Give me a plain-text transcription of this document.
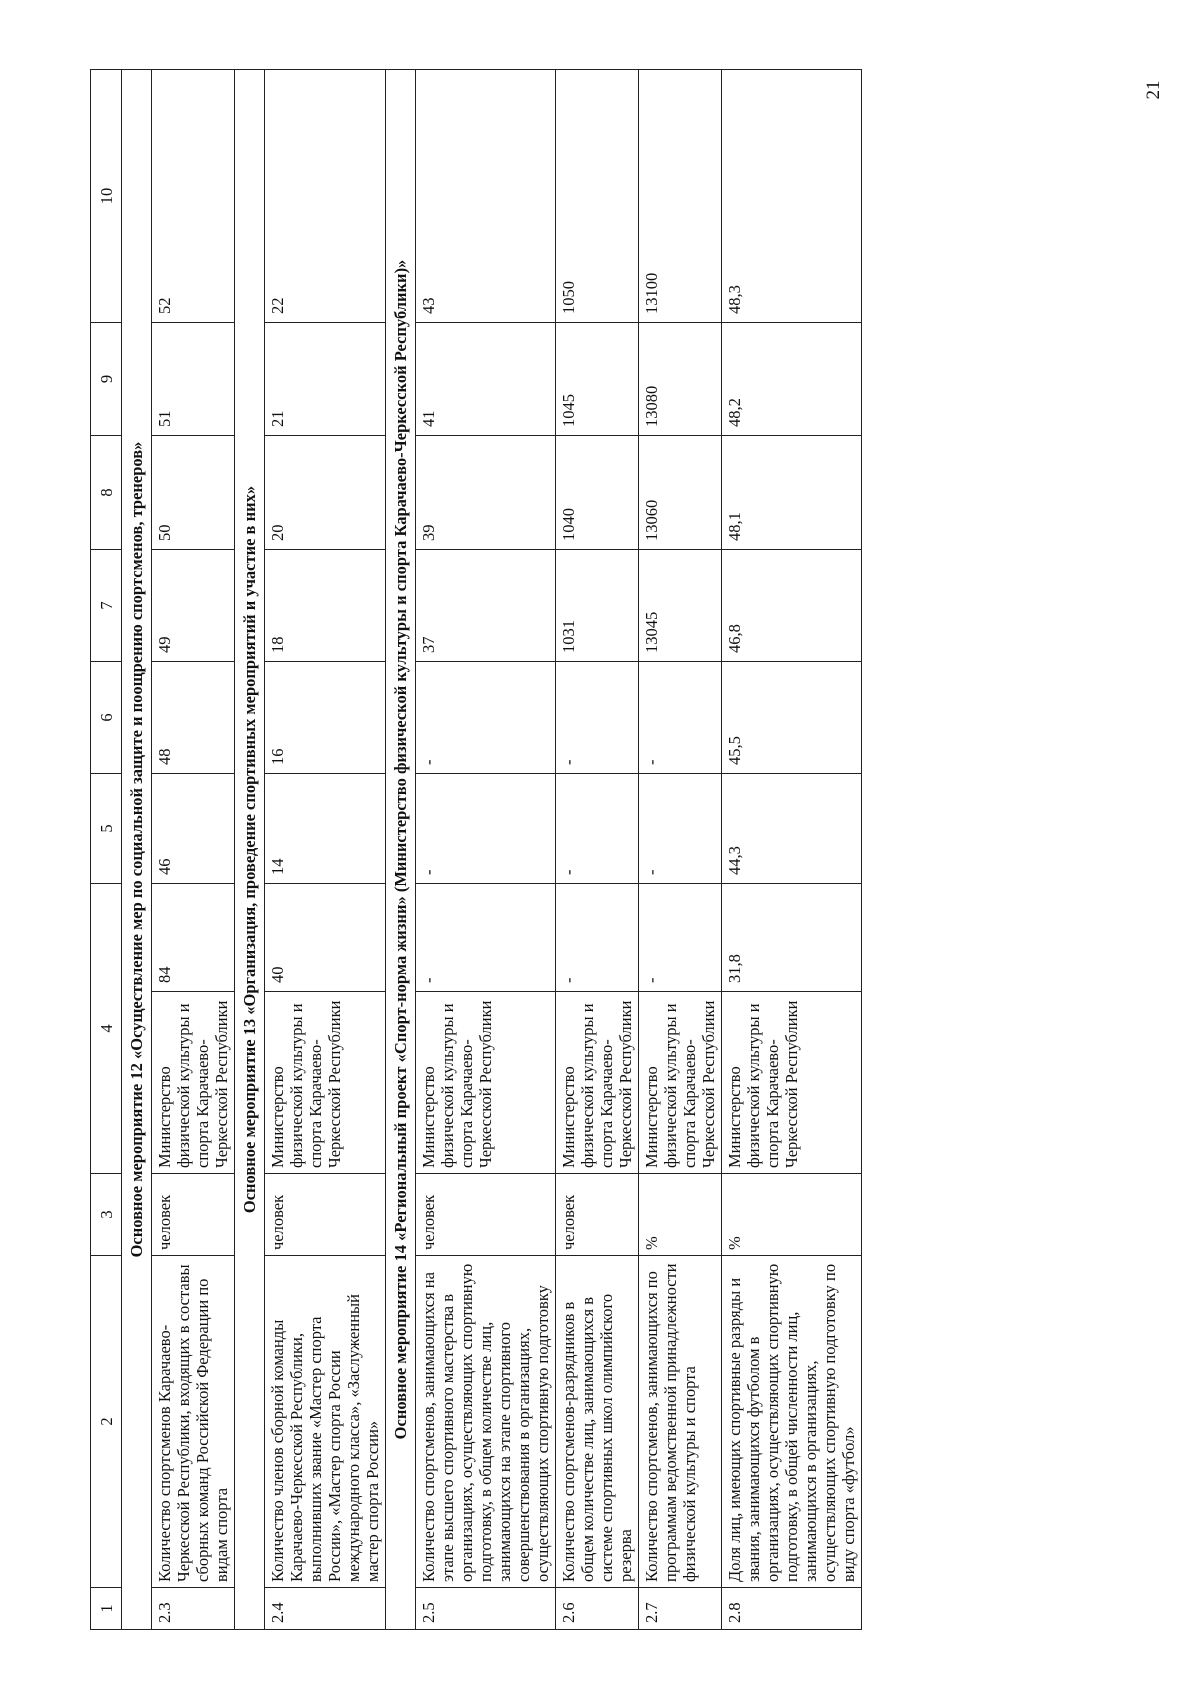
21
1	2	3	4		5	6	7	8	9	10
Основное мероприятие 12 «Осуществление мер по социальной защите и поощрению спортсменов, тренеров»										
2.3	Количество спортсменов Карачаево-Черкесской Республики, входящих в составы сборных команд Российской Федерации по видам спорта	человек	Министерство физической культуры и спорта Карачаево-Черкесской Республики	84	46	48	49	50	51	52
Основное мероприятие 13 «Организация, проведение спортивных мероприятий и участие в них»										
2.4	Количество членов сборной команды Карачаево-Черкесской Республики, выполнивших звание «Мастер спорта России», «Мастер спорта России международного класса», «Заслуженный мастер спорта России»	человек	Министерство физической культуры и спорта Карачаево-Черкесской Республики	40	14	16	18	20	21	22
Основное мероприятие 14 «Региональный проект «Спорт-норма жизни» (Министерство физической культуры и спорта Карачаево-Черкесской Республики)»										
2.5	Количество спортсменов, занимающихся на этапе высшего спортивного мастерства в организациях, осуществляющих спортивную подготовку, в общем количестве лиц, занимающихся на этапе спортивного совершенствования в организациях, осуществляющих спортивную подготовку	человек	Министерство физической культуры и спорта Карачаево-Черкесской Республики	-	-	-	37	39	41	43
2.6	Количество спортсменов-разрядников в общем количестве лиц, занимающихся в системе спортивных школ олимпийского резерва	человек	Министерство физической культуры и спорта Карачаево-Черкесской Республики	-	-	-	1031	1040	1045	1050
2.7	Количество спортсменов, занимающихся по программам ведомственной принадлежности физической культуры и спорта	%	Министерство физической культуры и спорта Карачаево-Черкесской Республики	-	-	-	13045	13060	13080	13100
2.8	Доля лиц, имеющих спортивные разряды и звания, занимающихся футболом в организациях, осуществляющих спортивную подготовку, в общей численности лиц, занимающихся в организациях, осуществляющих спортивную подготовку по виду спорта «футбол»	%	Министерство физической культуры и спорта Карачаево-Черкесской Республики	31,8	44,3	45,5	46,8	48,1	48,2	48,3
